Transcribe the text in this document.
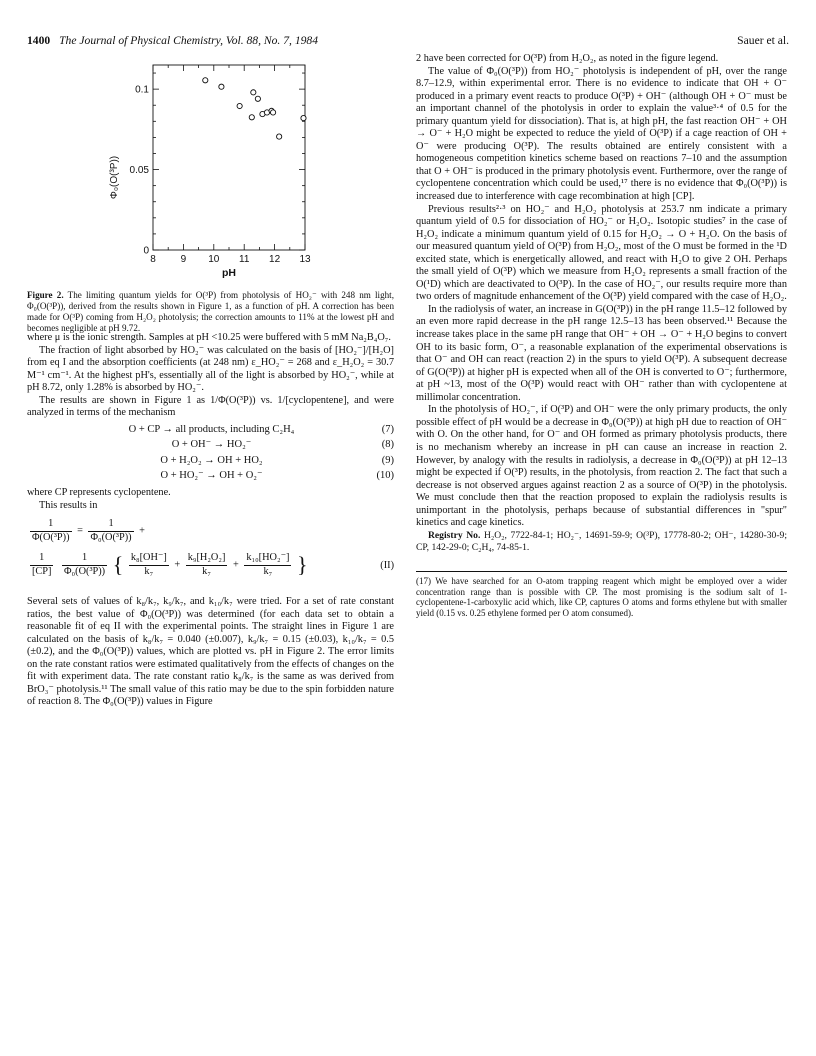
1400 The Journal of Physical Chemistry, Vol. 88, No. 7, 1984	Sauer et al.
8 9 10 11 12 13
0
0.05
0.1
pH
Φ₀(O(³P))
Figure 2. The limiting quantum yields for O(³P) from photolysis of HO₂⁻ with 248 nm light, Φ₀(O(³P)), derived from the results shown in Figure 1, as a function of pH. A correction has been made for O(³P) coming from H₂O₂ photolysis; the correction amounts to 11% at the lowest pH and becomes negligible at pH 9.72.

where μ is the ionic strength. Samples at pH <10.25 were buffered with 5 mM Na₂B₄O₇.

The fraction of light absorbed by HO₂⁻ was calculated on the basis of [HO₂⁻]/[H₂O] from eq I and the absorption coefficients (at 248 nm) ε_HO₂⁻ = 268 and ε_H₂O₂ = 30.7 M⁻¹ cm⁻¹. At the highest pH's, essentially all of the light is absorbed by HO₂⁻, while at pH 8.72, only 1.28% is absorbed by HO₂⁻.

The results are shown in Figure 1 as 1/Φ(O(³P)) vs. 1/[cyclopentene], and were analyzed in terms of the mechanism

O + CP → all products, including C₂H₄	(7)
O + OH⁻ → HO₂⁻	(8)
O + H₂O₂ → OH + HO₂	(9)
O + HO₂⁻ → OH + O₂⁻	(10)

where CP represents cyclopentene.

This results in

$\frac{1}{\text{Φ(O(³P))}} = \frac{1}{\text{Φ₀(O(³P))}}$ +
$\frac{1}{[CP]}$
$\frac{1}{\text{Φ₀(O(³P))}}$ { $\frac{\text{k₈[OH⁻]}}{\text{k₇}} + \frac{\text{k₉[H₂O₂]}}{\text{k₇}} + \frac{\text{k₁₀[HO₂⁻]}}{\text{k₇}}$ }	(II)

Several sets of values of k₈/k₇, k₉/k₇, and k₁₀/k₇ were tried. For a set of rate constant ratios, the best value of Φ₀(O(³P)) was determined (for each data set to obtain a reasonable fit of eq II with the experimental points. The straight lines in Figure 1 are calculated on the basis of k₈/k₇ = 0.040 (±0.007), k₉/k₇ = 0.15 (±0.03), k₁₀/k₇ = 0.5 (±0.2), and the Φ₀(O(³P)) values, which are plotted vs. pH in Figure 2. The error limits on the rate constant ratios were estimated qualitatively from the effects of changes on the fit with experiment data. The rate constant ratio k₈/k₇ is the same as was derived from BrO₃⁻ photolysis.¹¹ The small value of this ratio may be due to the spin forbidden nature of reaction 8. The Φ₀(O(³P)) values in Figure

2 have been corrected for O(³P) from H₂O₂, as noted in the figure legend.

The value of Φ₀(O(³P)) from HO₂⁻ photolysis is independent of pH, over the range 8.7–12.9, within experimental error. There is no evidence to indicate that OH + O⁻ produced in a primary event reacts to produce O(³P) + OH⁻ (although OH + O⁻ must be an important channel of the photolysis in order to explain the value³·⁴ of 0.5 for the primary quantum yield for dissociation). That is, at high pH, the fast reaction OH⁻ + OH → O⁻ + H₂O might be expected to reduce the yield of O(³P) if a cage reaction of OH + O⁻ were producing O(³P). The results obtained are entirely consistent with a homogeneous competition kinetics scheme based on reactions 7–10 and the assumption that O + OH⁻ is produced in the primary photolysis event. Furthermore, over the range of cyclopentene concentration which could be used,¹⁷ there is no evidence that Φ₀(O(³P)) is increased due to interference with cage recombination at high [CP].

Previous results²·³ on HO₂⁻ and H₂O₂ photolysis at 253.7 nm indicate a primary quantum yield of 0.5 for dissociation of HO₂⁻ or H₂O₂. Isotopic studies⁷ in the case of H₂O₂ indicate a minimum quantum yield of 0.15 for H₂O₂ → O + H₂O. On the basis of our measured quantum yield of O(³P) from H₂O₂, most of the O must be formed in the ¹D excited state, which is energetically allowed, and react with H₂O to give 2 OH. Perhaps the small yield of O(³P) which we measure from H₂O₂ represents a small fraction of the O(¹D) which are deactivated to O(³P). In the case of HO₂⁻, our results require more than two orders of magnitude enhancement of the O(³P) yield compared with the case of H₂O₂.

In the radiolysis of water, an increase in G(O(³P)) in the pH range 11.5–12 followed by an even more rapid decrease in the pH range 12.5–13 has been observed.¹¹ Because the increase takes place in the same pH range that OH⁻ + OH → O⁻ + H₂O begins to convert OH to its basic form, O⁻, a reasonable explanation of the experimental observations is that O⁻ and OH can react (reaction 2) in the spurs to yield O(³P). A subsequent decrease of G(O(³P)) at higher pH is expected when all of the OH is converted to O⁻; furthermore, at pH ~13, most of the O(³P) would react with OH⁻ rather than with cyclopentene at millimolar concentration.

In the photolysis of HO₂⁻, if O(³P) and OH⁻ were the only primary products, the only possible effect of pH would be a decrease in Φ₀(O(³P)) at high pH due to reaction of OH⁻ with O. On the other hand, for O⁻ and OH formed as primary photolysis products, there is no mechanism whereby an increase in pH can cause an increase in reaction 2. However, by analogy with the results in radiolysis, a decrease in Φ₀(O(³P)) at pH 12–13 might be expected if O(³P) results, in the photolysis, from reaction 2. The fact that such a decrease is not observed argues against reaction 2 as a source of O(³P) in the photolysis. We must conclude then that the reaction proposed to explain the radiolysis results is unimportant in the photolysis, perhaps because of substantial differences in "spur" kinetics and cage kinetics.

Registry No. H₂O₂, 7722-84-1; HO₂⁻, 14691-59-9; O(³P), 17778-80-2; OH⁻, 14280-30-9; CP, 142-29-0; C₂H₄, 74-85-1.

(17) We have searched for an O-atom trapping reagent which might be employed over a wider concentration range than is possible with CP. The most promising is the sodium salt of 1-cyclopentene-1-carboxylic acid which, like CP, captures O atoms and forms ethylene but with smaller yield (0.15 vs. 0.25 ethylene formed per O atom consumed).
